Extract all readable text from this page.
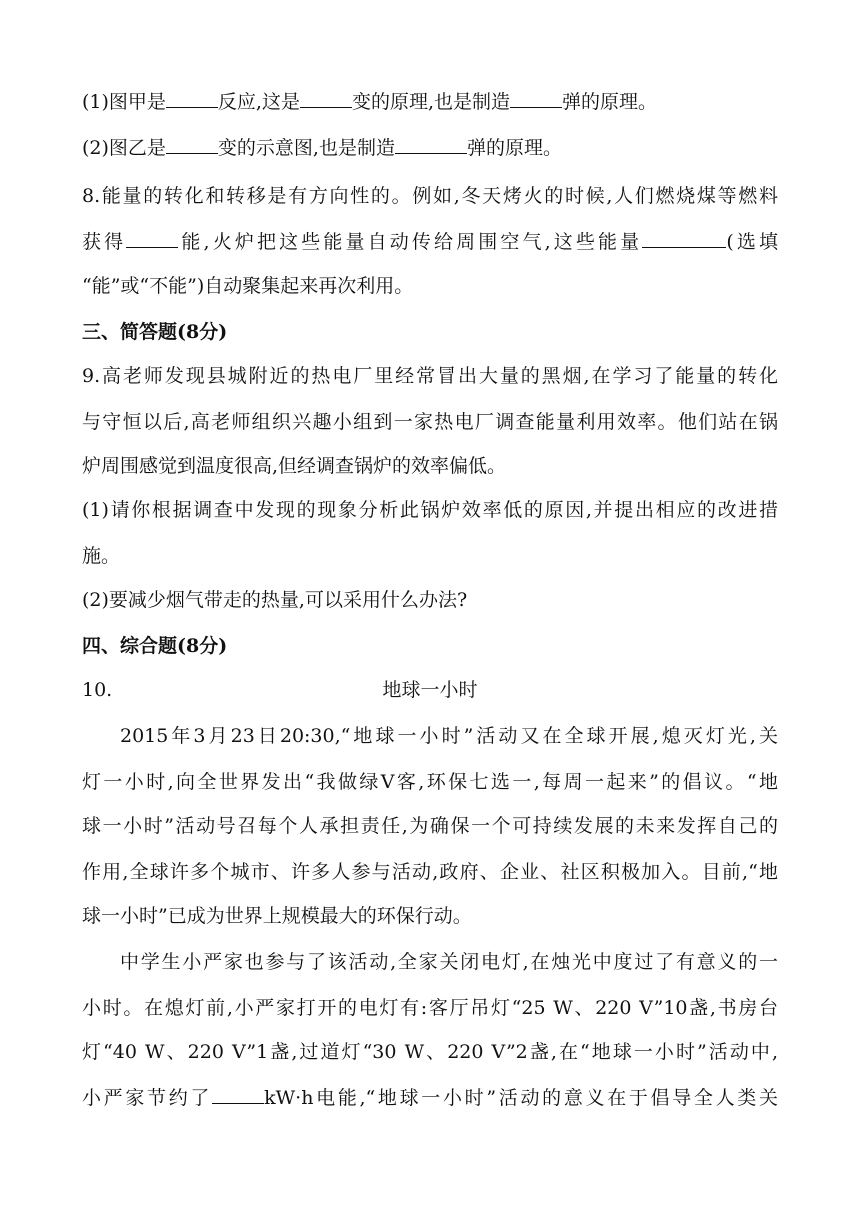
(1)图甲是	反应,这是	变的原理,也是制造	弹的原理。
(2)图乙是	变的示意图,也是制造	弹的原理。
8.能量的转化和转移是有方向性的。例如,冬天烤火的时候,人们燃烧煤等燃料
获得	能,火炉把这些能量自动传给周围空气,这些能量	(选填
“能”或“不能”)自动聚集起来再次利用。
三、简答题(8分)
9.高老师发现县城附近的热电厂里经常冒出大量的黑烟,在学习了能量的转化
与守恒以后,高老师组织兴趣小组到一家热电厂调查能量利用效率。他们站在锅
炉周围感觉到温度很高,但经调查锅炉的效率偏低。
(1)请你根据调查中发现的现象分析此锅炉效率低的原因,并提出相应的改进措
施。
(2)要减少烟气带走的热量,可以采用什么办法?
四、综合题(8分)
10.	地球一小时
2015年3月23日20:30,“地球一小时”活动又在全球开展,熄灭灯光,关
灯一小时,向全世界发出“我做绿V客,环保七选一,每周一起来”的倡议。“地
球一小时”活动号召每个人承担责任,为确保一个可持续发展的未来发挥自己的
作用,全球许多个城市、许多人参与活动,政府、企业、社区积极加入。目前,“地
球一小时”已成为世界上规模最大的环保行动。
中学生小严家也参与了该活动,全家关闭电灯,在烛光中度过了有意义的一
小时。在熄灯前,小严家打开的电灯有:客厅吊灯“25 W、220 V”10盏,书房台
灯“40 W、220 V”1盏,过道灯“30 W、220 V”2盏,在“地球一小时”活动中,
小严家节约了	kW·h电能,“地球一小时”活动的意义在于倡导全人类关
